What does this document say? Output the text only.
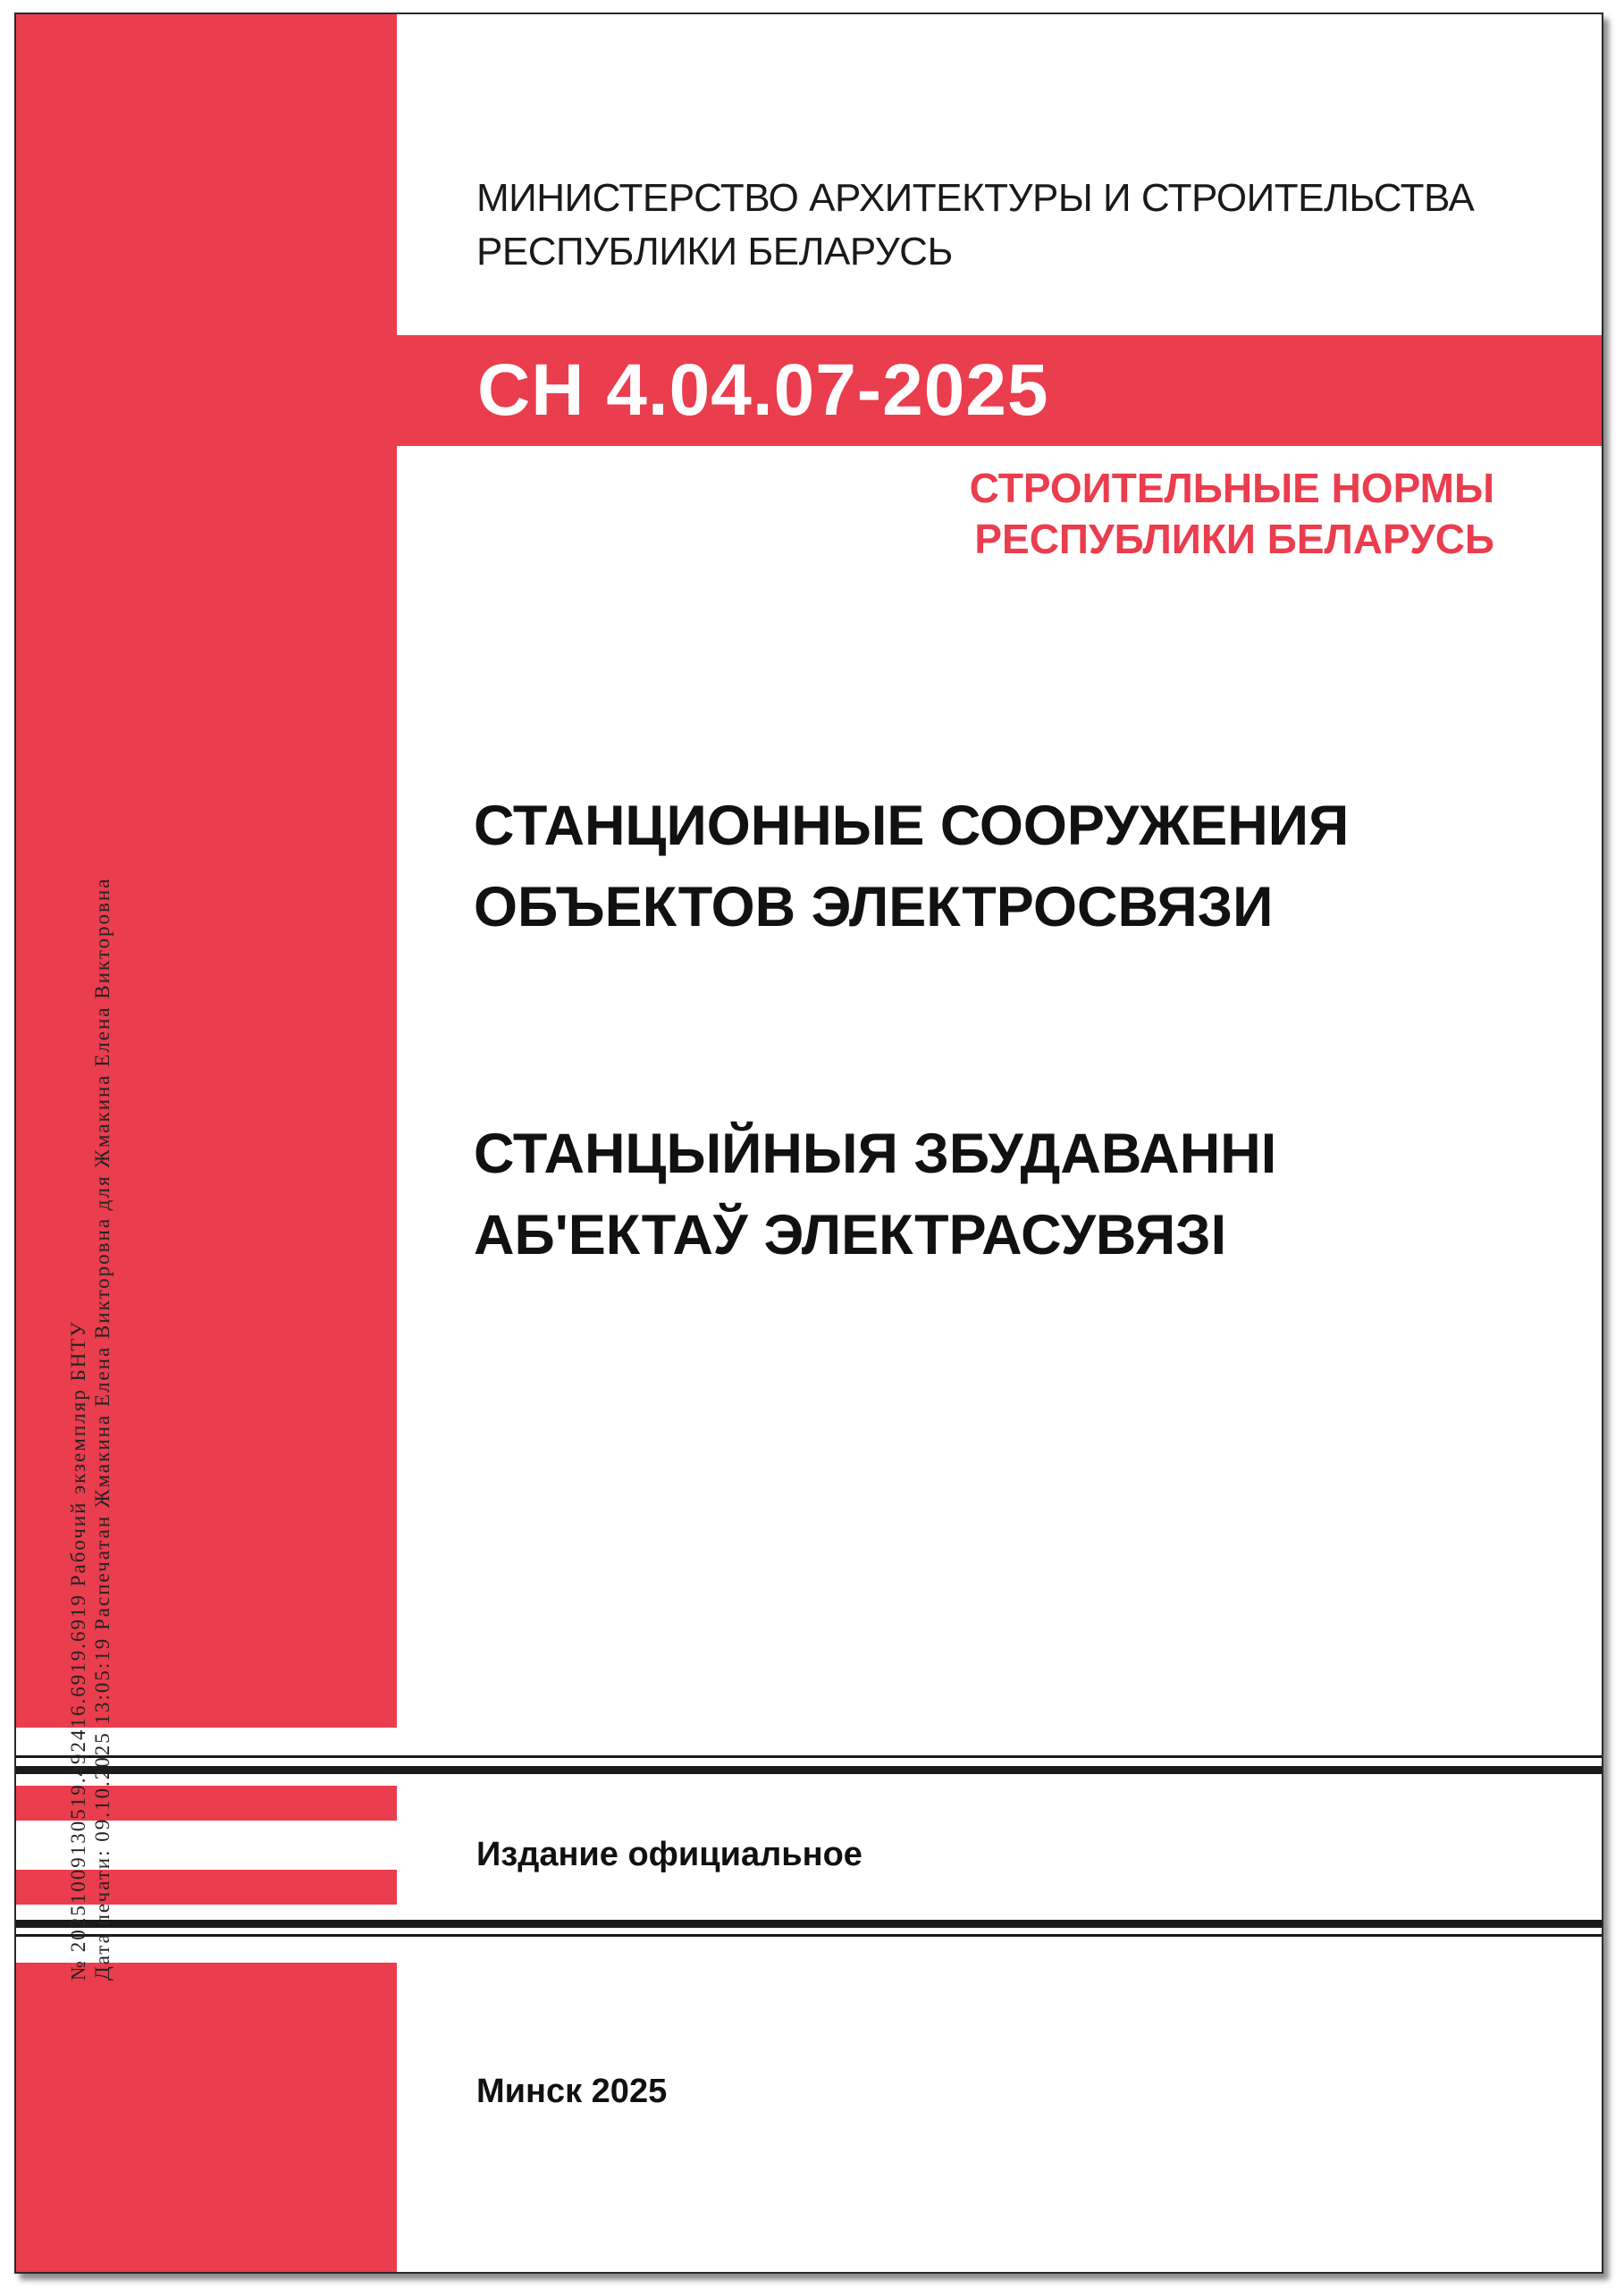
МИНИСТЕРСТВО АРХИТЕКТУРЫ И СТРОИТЕЛЬСТВА
РЕСПУБЛИКИ БЕЛАРУСЬ
СН 4.04.07-2025
СТРОИТЕЛЬНЫЕ НОРМЫ
РЕСПУБЛИКИ БЕЛАРУСЬ
СТАНЦИОННЫЕ СООРУЖЕНИЯ
ОБЪЕКТОВ ЭЛЕКТРОСВЯЗИ
СТАНЦЫЙНЫЯ ЗБУДАВАННІ
АБ'ЕКТАЎ ЭЛЕКТРАСУВЯЗІ
Издание официальное
Минск 2025
№ 20251009130519.492416.6919.6919 Рабочий экземпляр БНТУ Дата печати: 09.10.2025 13:05:19 Распечатан Жмакина Елена Викторовна для Жмакина Елена Викторовна
